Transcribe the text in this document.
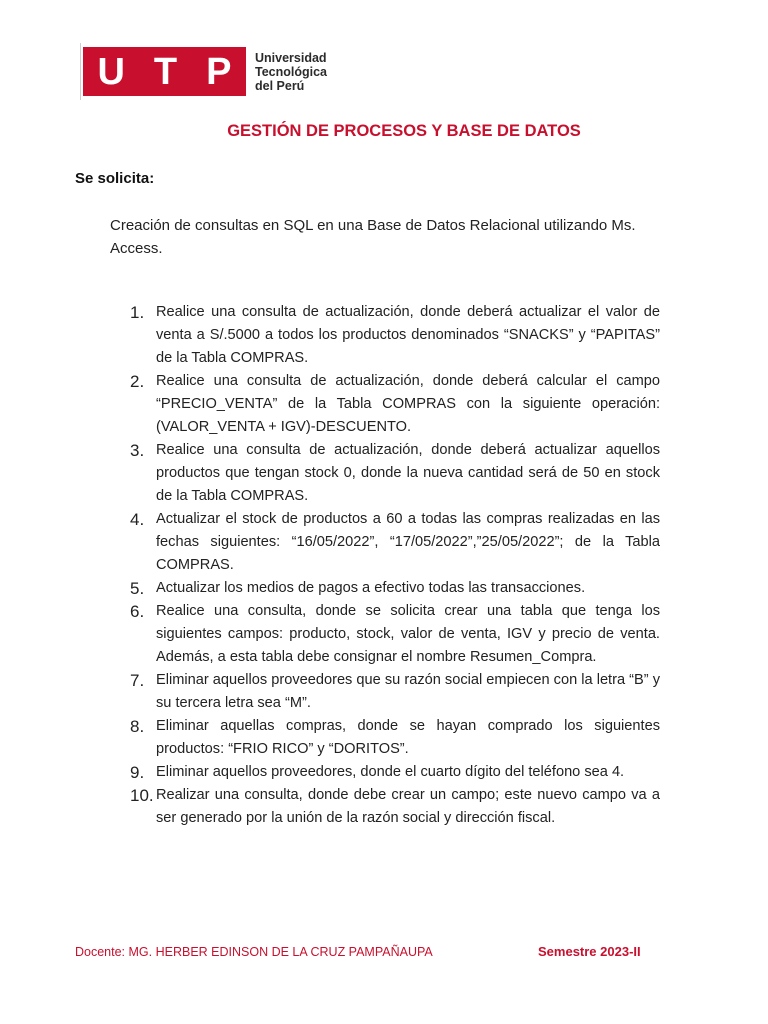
U T P Universidad
Tecnológica
del Perú
GESTIÓN DE PROCESOS Y BASE DE DATOS
Se solicita:
Creación de consultas en SQL en una Base de Datos Relacional utilizando Ms. Access.
1. Realice una consulta de actualización, donde deberá actualizar el valor de venta a S/.5000 a todos los productos denominados “SNACKS” y “PAPITAS” de la Tabla COMPRAS.
2. Realice una consulta de actualización, donde deberá calcular el campo “PRECIO_VENTA” de la Tabla COMPRAS con la siguiente operación: (VALOR_VENTA + IGV)-DESCUENTO.
3. Realice una consulta de actualización, donde deberá actualizar aquellos productos que tengan stock 0, donde la nueva cantidad será de 50 en stock de la Tabla COMPRAS.
4. Actualizar el stock de productos a 60 a todas las compras realizadas en las fechas siguientes: “16/05/2022”, “17/05/2022”,”25/05/2022”; de la Tabla COMPRAS.
5. Actualizar los medios de pagos a efectivo todas las transacciones.
6. Realice una consulta, donde se solicita crear una tabla que tenga los siguientes campos: producto, stock, valor de venta, IGV y precio de venta. Además, a esta tabla debe consignar el nombre Resumen_Compra.
7. Eliminar aquellos proveedores que su razón social empiecen con la letra “B” y su tercera letra sea “M”.
8. Eliminar aquellas compras, donde se hayan comprado los siguientes productos: “FRIO RICO” y “DORITOS”.
9. Eliminar aquellos proveedores, donde el cuarto dígito del teléfono sea 4.
10. Realizar una consulta, donde debe crear un campo; este nuevo campo va a ser generado por la unión de la razón social y dirección fiscal.
Docente: MG. HERBER EDINSON DE LA CRUZ PAMPAÑAUPA	Semestre 2023-II
